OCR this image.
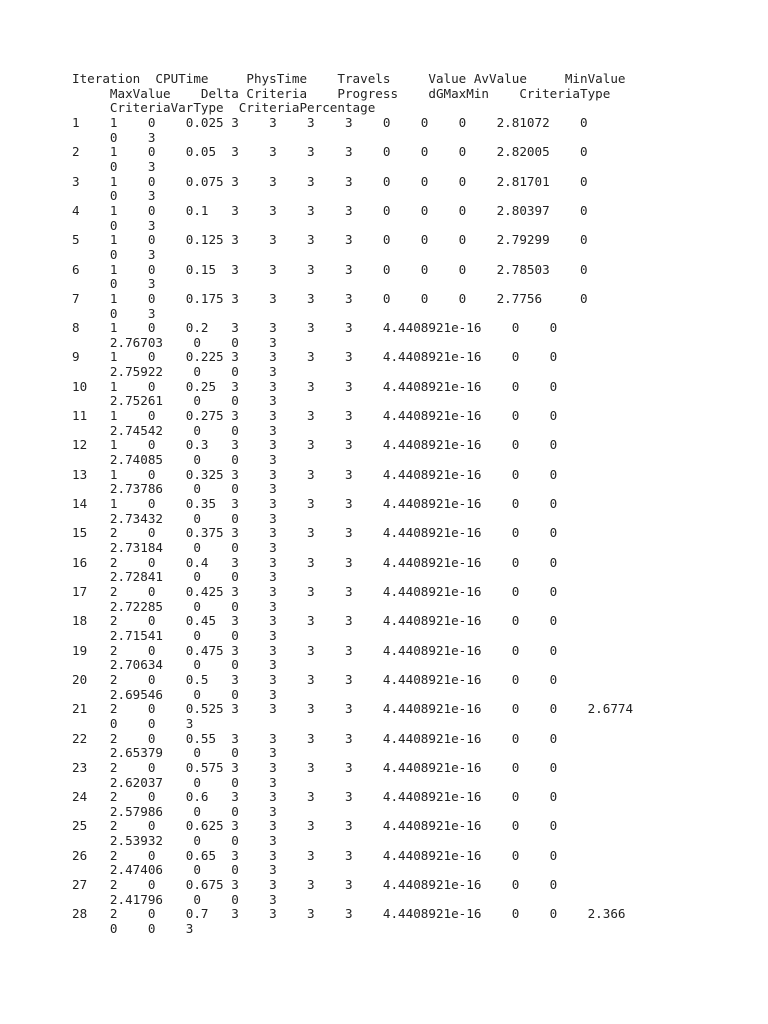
Iteration  CPUTime     PhysTime    Travels     Value AvValue     MinValue
MaxValue    Delta Criteria    Progress    dGMaxMin    CriteriaType
CriteriaVarType  CriteriaPercentage
1    1    0    0.025 3    3    3    3    0    0    0    2.81072    0
0    3
2    1    0    0.05  3    3    3    3    0    0    0    2.82005    0
0    3
3    1    0    0.075 3    3    3    3    0    0    0    2.81701    0
0    3
4    1    0    0.1   3    3    3    3    0    0    0    2.80397    0
0    3
5    1    0    0.125 3    3    3    3    0    0    0    2.79299    0
0    3
6    1    0    0.15  3    3    3    3    0    0    0    2.78503    0
0    3
7    1    0    0.175 3    3    3    3    0    0    0    2.7756     0
0    3
8    1    0    0.2   3    3    3    3    4.4408921e-16    0    0
2.76703    0    0    3
9    1    0    0.225 3    3    3    3    4.4408921e-16    0    0
2.75922    0    0    3
10   1    0    0.25  3    3    3    3    4.4408921e-16    0    0
2.75261    0    0    3
11   1    0    0.275 3    3    3    3    4.4408921e-16    0    0
2.74542    0    0    3
12   1    0    0.3   3    3    3    3    4.4408921e-16    0    0
2.74085    0    0    3
13   1    0    0.325 3    3    3    3    4.4408921e-16    0    0
2.73786    0    0    3
14   1    0    0.35  3    3    3    3    4.4408921e-16    0    0
2.73432    0    0    3
15   2    0    0.375 3    3    3    3    4.4408921e-16    0    0
2.73184    0    0    3
16   2    0    0.4   3    3    3    3    4.4408921e-16    0    0
2.72841    0    0    3
17   2    0    0.425 3    3    3    3    4.4408921e-16    0    0
2.72285    0    0    3
18   2    0    0.45  3    3    3    3    4.4408921e-16    0    0
2.71541    0    0    3
19   2    0    0.475 3    3    3    3    4.4408921e-16    0    0
2.70634    0    0    3
20   2    0    0.5   3    3    3    3    4.4408921e-16    0    0
2.69546    0    0    3
21   2    0    0.525 3    3    3    3    4.4408921e-16    0    0    2.6774
0    0    3
22   2    0    0.55  3    3    3    3    4.4408921e-16    0    0
2.65379    0    0    3
23   2    0    0.575 3    3    3    3    4.4408921e-16    0    0
2.62037    0    0    3
24   2    0    0.6   3    3    3    3    4.4408921e-16    0    0
2.57986    0    0    3
25   2    0    0.625 3    3    3    3    4.4408921e-16    0    0
2.53932    0    0    3
26   2    0    0.65  3    3    3    3    4.4408921e-16    0    0
2.47406    0    0    3
27   2    0    0.675 3    3    3    3    4.4408921e-16    0    0
2.41796    0    0    3
28   2    0    0.7   3    3    3    3    4.4408921e-16    0    0    2.366
0    0    3
